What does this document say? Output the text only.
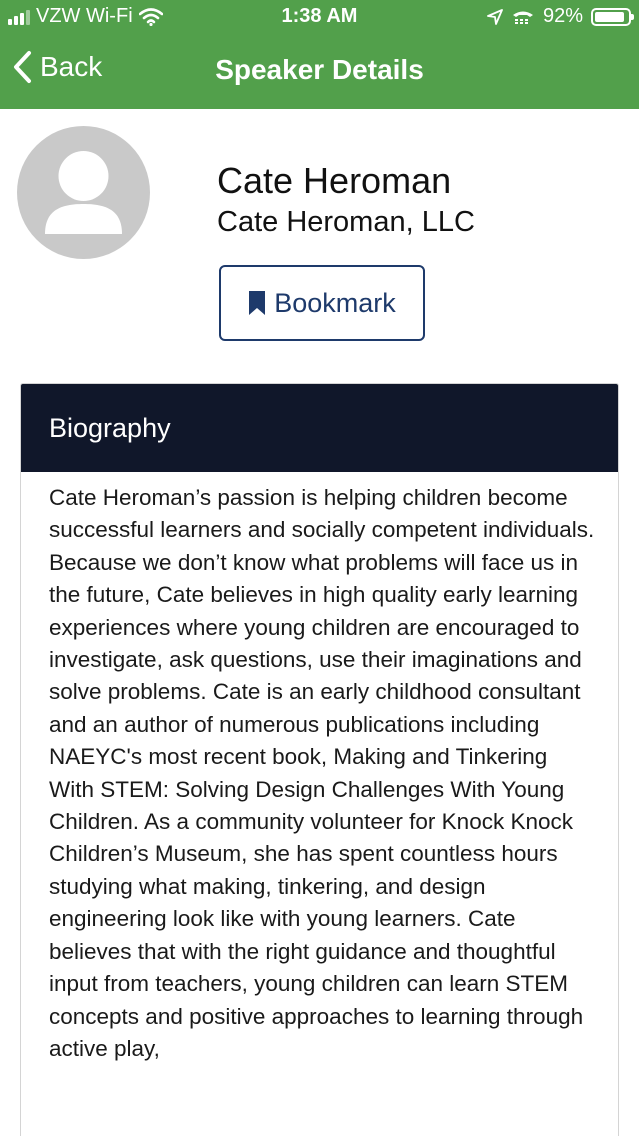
VZW Wi-Fi	1:38 AM	92%
Back	Speaker Details
Cate Heroman
Cate Heroman, LLC
Bookmark
Biography

Cate Heroman’s passion is helping children become successful learners and socially competent individuals. Because we don’t know what problems will face us in the future, Cate believes in high quality early learning experiences where young children are encouraged to investigate, ask questions, use their imaginations and solve problems. Cate is an early childhood consultant and an author of numerous publications including NAEYC's most recent book, Making and Tinkering With STEM: Solving Design Challenges With Young Children. As a community volunteer for Knock Knock Children’s Museum, she has spent countless hours studying what making, tinkering, and design engineering look like with young learners. Cate believes that with the right guidance and thoughtful input from teachers, young children can learn STEM concepts and positive approaches to learning through active play,
